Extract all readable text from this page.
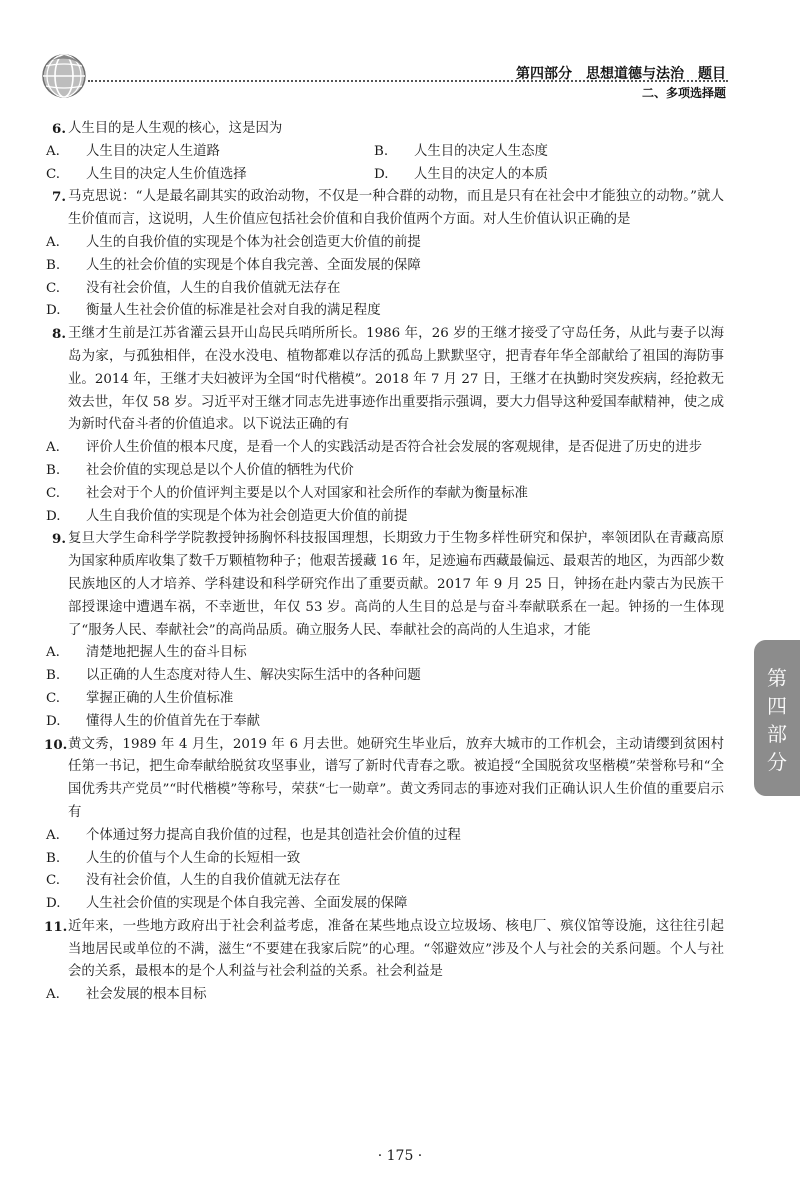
第四部分　思想道德与法治　题目
二、多项选择题
6. 人生目的是人生观的核心，这是因为
A. 人生目的决定人生道路	B. 人生目的决定人生态度
C. 人生目的决定人生价值选择	D. 人生目的决定人的本质
7. 马克思说：“人是最名副其实的政治动物，不仅是一种合群的动物，而且是只有在社会中才能独立的动物。”就人生价值而言，这说明，人生价值应包括社会价值和自我价值两个方面。对人生价值认识正确的是
A. 人生的自我价值的实现是个体为社会创造更大价值的前提
B. 人生的社会价值的实现是个体自我完善、全面发展的保障
C. 没有社会价值，人生的自我价值就无法存在
D. 衡量人生社会价值的标准是社会对自我的满足程度
8. 王继才生前是江苏省灌云县开山岛民兵哨所所长。1986 年，26 岁的王继才接受了守岛任务，从此与妻子以海岛为家，与孤独相伴，在没水没电、植物都难以存活的孤岛上默默坚守，把青春年华全部献给了祖国的海防事业。2014 年，王继才夫妇被评为全国“时代楷模”。2018 年 7 月 27 日，王继才在执勤时突发疾病，经抢救无效去世，年仅 58 岁。习近平对王继才同志先进事迹作出重要指示强调，要大力倡导这种爱国奉献精神，使之成为新时代奋斗者的价值追求。以下说法正确的有
A. 评价人生价值的根本尺度，是看一个人的实践活动是否符合社会发展的客观规律，是否促进了历史的进步
B. 社会价值的实现总是以个人价值的牺牲为代价
C. 社会对于个人的价值评判主要是以个人对国家和社会所作的奉献为衡量标准
D. 人生自我价值的实现是个体为社会创造更大价值的前提
9. 复旦大学生命科学学院教授钟扬胸怀科技报国理想，长期致力于生物多样性研究和保护，率领团队在青藏高原为国家种质库收集了数千万颗植物种子；他艰苦援藏 16 年，足迹遍布西藏最偏远、最艰苦的地区，为西部少数民族地区的人才培养、学科建设和科学研究作出了重要贡献。2017 年 9 月 25 日，钟扬在赴内蒙古为民族干部授课途中遭遇车祸，不幸逝世，年仅 53 岁。高尚的人生目的总是与奋斗奉献联系在一起。钟扬的一生体现了“服务人民、奉献社会”的高尚品质。确立服务人民、奉献社会的高尚的人生追求，才能
A. 清楚地把握人生的奋斗目标
B. 以正确的人生态度对待人生、解决实际生活中的各种问题
C. 掌握正确的人生价值标准
D. 懂得人生的价值首先在于奉献
10. 黄文秀，1989 年 4 月生，2019 年 6 月去世。她研究生毕业后，放弃大城市的工作机会，主动请缨到贫困村任第一书记，把生命奉献给脱贫攻坚事业，谱写了新时代青春之歌。被追授“全国脱贫攻坚楷模”荣誉称号和“全国优秀共产党员”“时代楷模”等称号，荣获“七一勋章”。黄文秀同志的事迹对我们正确认识人生价值的重要启示有
A. 个体通过努力提高自我价值的过程，也是其创造社会价值的过程
B. 人生的价值与个人生命的长短相一致
C. 没有社会价值，人生的自我价值就无法存在
D. 人生社会价值的实现是个体自我完善、全面发展的保障
11. 近年来，一些地方政府出于社会利益考虑，准备在某些地点设立垃圾场、核电厂、殡仪馆等设施，这往往引起当地居民或单位的不满，滋生“不要建在我家后院”的心理。“邻避效应”涉及个人与社会的关系问题。个人与社会的关系，最根本的是个人利益与社会利益的关系。社会利益是
A. 社会发展的根本目标
第
四
部
分
· 175 ·
